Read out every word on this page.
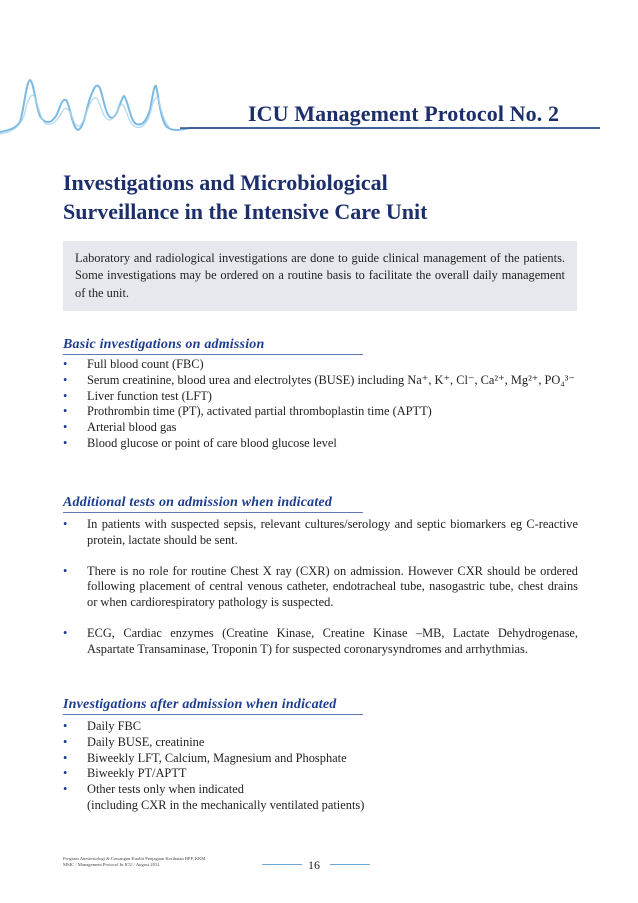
ICU Management Protocol No. 2
Investigations and Microbiological
Surveillance in the Intensive Care Unit
Laboratory and radiological investigations are done to guide clinical management of the patients. Some investigations may be ordered on a routine basis to facilitate the overall daily management of the unit.
Basic investigations on admission
•	Full blood count (FBC)
•	Serum creatinine, blood urea and electrolytes (BUSE) including Na⁺, K⁺, Cl⁻, Ca²⁺, Mg²⁺, PO₄³⁻
•	Liver function test (LFT)
•	Prothrombin time (PT), activated partial thromboplastin time (APTT)
•	Arterial blood gas
•	Blood glucose or point of care blood glucose level
Additional tests on admission when indicated
•	In patients with suspected sepsis, relevant cultures/serology and septic biomarkers eg C-reactive protein, lactate should be sent.
•	There is no role for routine Chest X ray (CXR) on admission. However CXR should be ordered following placement of central venous catheter, endotracheal tube, nasogastric tube, chest drains or when cardiorespiratory pathology is suspected.
•	ECG, Cardiac enzymes (Creatine Kinase, Creatine Kinase –MB, Lactate Dehydrogenase, Aspartate Transaminase, Troponin T) for suspected coronarysyndromes and arrhythmias.
Investigations after admission when indicated
•	Daily FBC
•	Daily BUSE, creatinine
•	Biweekly LFT, Calcium, Magnesium and Phosphate
•	Biweekly PT/APTT
•	Other tests only when indicated
(including CXR in the mechanically ventilated patients)
Program Anestesiologi & Cawangan Kualiti Penjagaan Kesihatan BPP, KKM
MSIC / Management Protocol In ICU / August 2012	16
